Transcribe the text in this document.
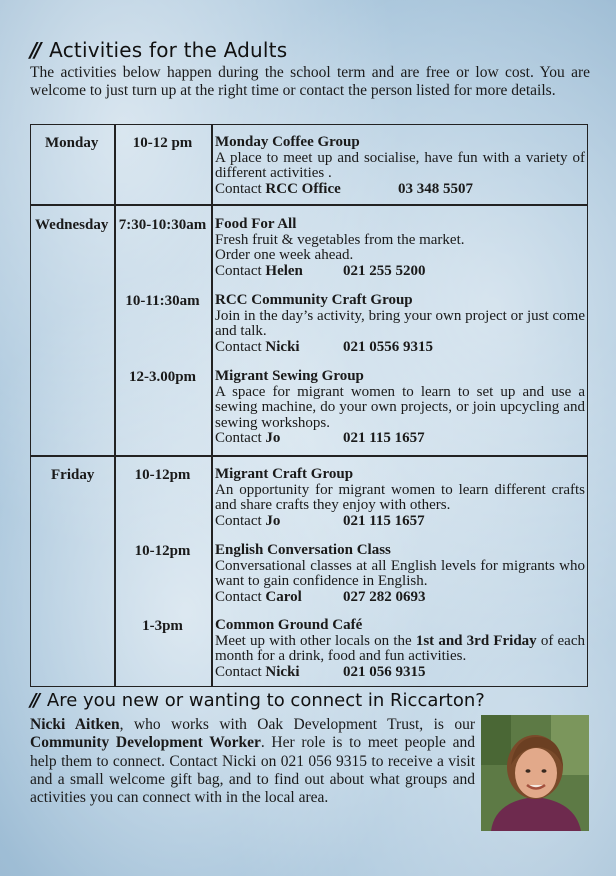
// Activities for the Adults
The activities below happen during the school term and are free or low cost. You are welcome to just turn up at the right time or contact the person listed for more details.
Monday	10-12 pm	Monday Coffee Group
A place to meet up and socialise, have fun with a variety of different activities .
Contact RCC Office	03 348 5507
Wednesday 7:30-10:30am Food For All
Fresh fruit & vegetables from the market. Order one week ahead.
Contact Helen	021 255 5200
10-11:30am	RCC Community Craft Group
Join in the day’s activity, bring your own project or just come and talk.
Contact Nicki	021 0556 9315
12-3.00pm	Migrant Sewing Group
A space for migrant women to learn to set up and use a sewing machine, do your own projects, or join upcycling and sewing workshops.
Contact Jo	021 115 1657
Friday	10-12pm	Migrant Craft Group
An opportunity for migrant women to learn different crafts and share crafts they enjoy with others.
Contact Jo	021 115 1657
10-12pm	English Conversation Class
Conversational classes at all English levels for migrants who want to gain confidence in English.
Contact Carol	027 282 0693
1-3pm	Common Ground Café
Meet up with other locals on the 1st and 3rd Friday of each month for a drink, food and fun activities.
Contact Nicki	021 056 9315
// Are you new or wanting to connect in Riccarton?
Nicki Aitken, who works with Oak Development Trust, is our Community Development Worker. Her role is to meet people and help them to connect. Contact Nicki on 021 056 9315 to receive a visit and a small welcome gift bag, and to find out about what groups and activities you can connect with in the local area.
